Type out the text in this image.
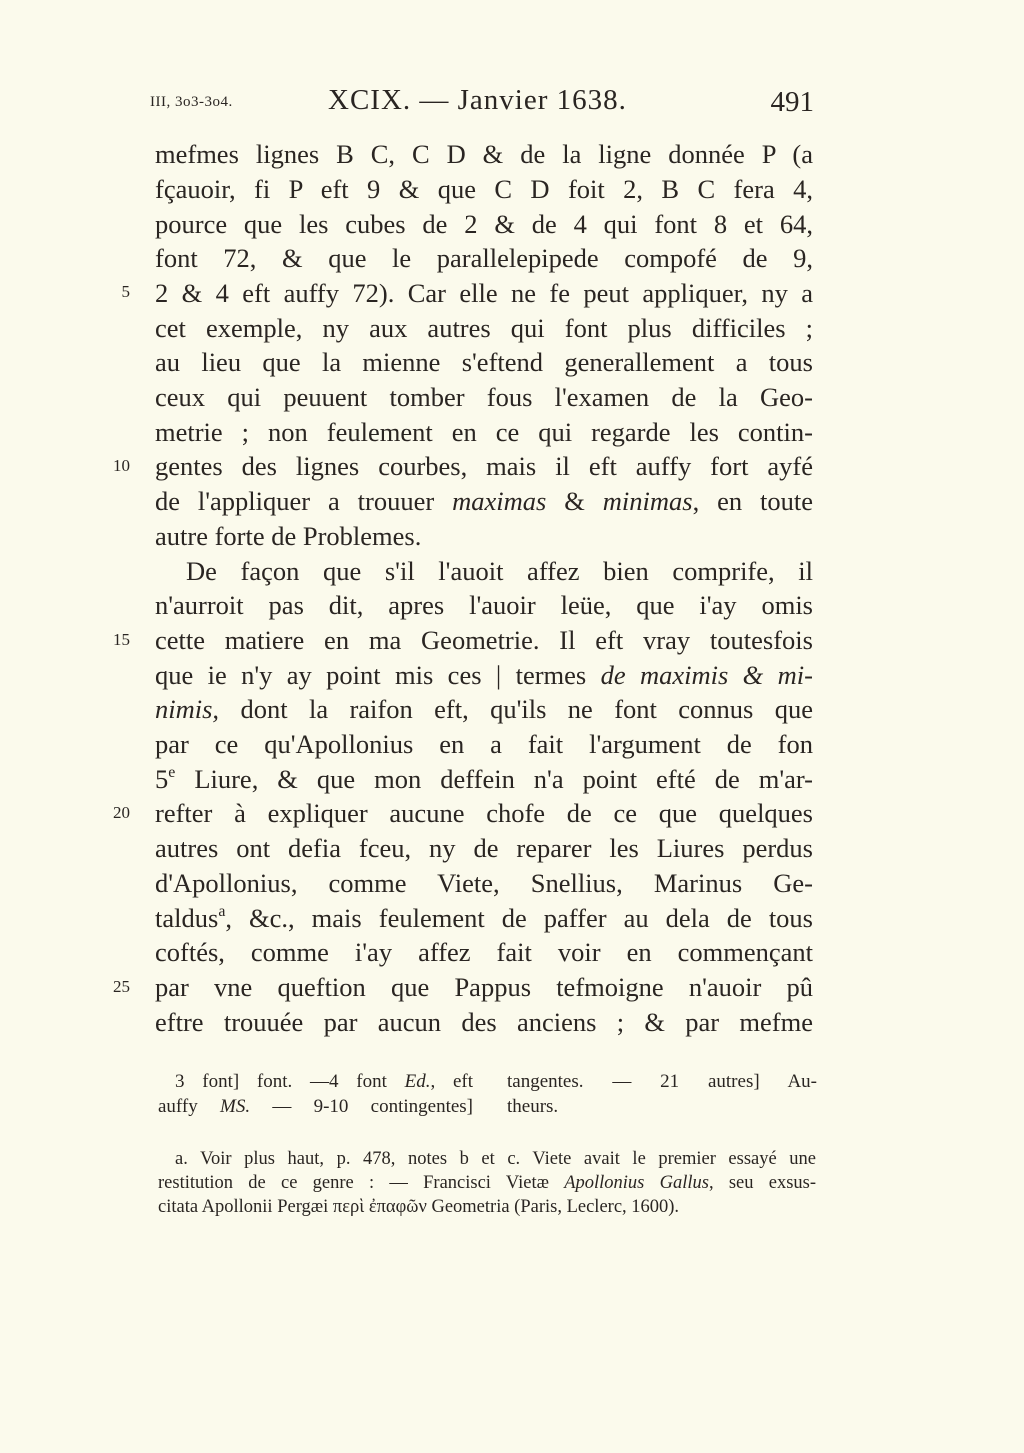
III, 3o3-3o4.	XCIX. — Janvier 1638.	491
mefmes lignes B C, C D & de la ligne donnée P (a
fçauoir, fi P eft 9 & que C D foit 2, B C fera 4,
pource que les cubes de 2 & de 4 qui font 8 et 64,
font 72, & que le parallelepipede compofé de 9,
2 & 4 eft auffy 72). Car elle ne fe peut appliquer, ny a
cet exemple, ny aux autres qui font plus difficiles ;
au lieu que la mienne s'eftend generallement a tous
ceux qui peuuent tomber fous l'examen de la Geo-
metrie ; non feulement en ce qui regarde les contin-
gentes des lignes courbes, mais il eft auffy fort ayfé
de l'appliquer a trouuer maximas & minimas, en toute
autre forte de Problemes.
De façon que s'il l'auoit affez bien comprife, il
n'aurroit pas dit, apres l'auoir leüe, que i'ay omis
cette matiere en ma Geometrie. Il eft vray toutesfois
que ie n'y ay point mis ces | termes de maximis & mi-
nimis, dont la raifon eft, qu'ils ne font connus que
par ce qu'Apollonius en a fait l'argument de fon
5e Liure, & que mon deffein n'a point efté de m'ar-
refter à expliquer aucune chofe de ce que quelques
autres ont defia fceu, ny de reparer les Liures perdus
d'Apollonius, comme Viete, Snellius, Marinus Ge-
taldus$^a$, &c., mais feulement de paffer au dela de tous
coftés, comme i'ay affez fait voir en commençant
par vne queftion que Pappus tefmoigne n'auoir pû
eftre trouuée par aucun des anciens ; & par mefme
5
10
15
20
25
3 font] font. —4 font Ed., eft
auffy MS. — 9-10 contingentes]
tangentes. — 21 autres] Au-
theurs.
a. Voir plus haut, p. 478, notes b et c. Viete avait le premier essayé une
restitution de ce genre : — Francisci Vietæ Apollonius Gallus, seu exsus-
citata Apollonii Pergæi περὶ ἐπαφῶν Geometria (Paris, Leclerc, 1600).
